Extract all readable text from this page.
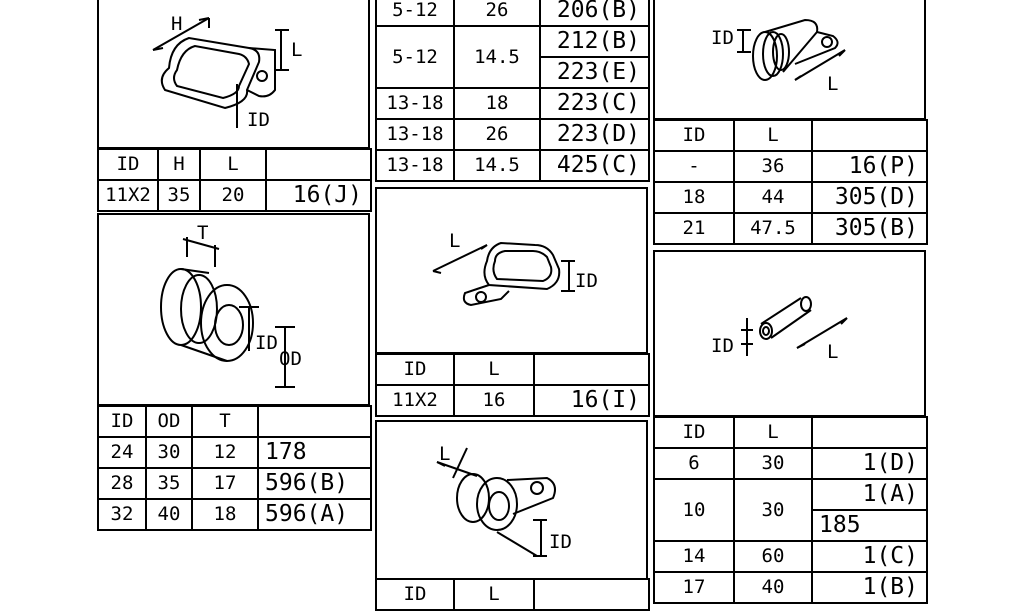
H
L
ID
ID	H	L	
11X2	35	20	16(J)
T
ID
OD
ID	OD	T	
24	30	12	178
28	35	17	596(B)
32	40	18	596(A)
5-12	26	206(B)
5-12	14.5	212(B)
		223(E)
13-18	18	223(C)
13-18	26	223(D)
13-18	14.5	425(C)
L
ID
ID	L	
11X2	16	16(I)
L
ID
ID	L	
ID
L
ID	L	
-	36	16(P)
18	44	305(D)
21	47.5	305(B)
ID	L
ID	L	
6	30	1(D)
10	30	1(A)
		185
14	60	1(C)
17	40	1(B)
